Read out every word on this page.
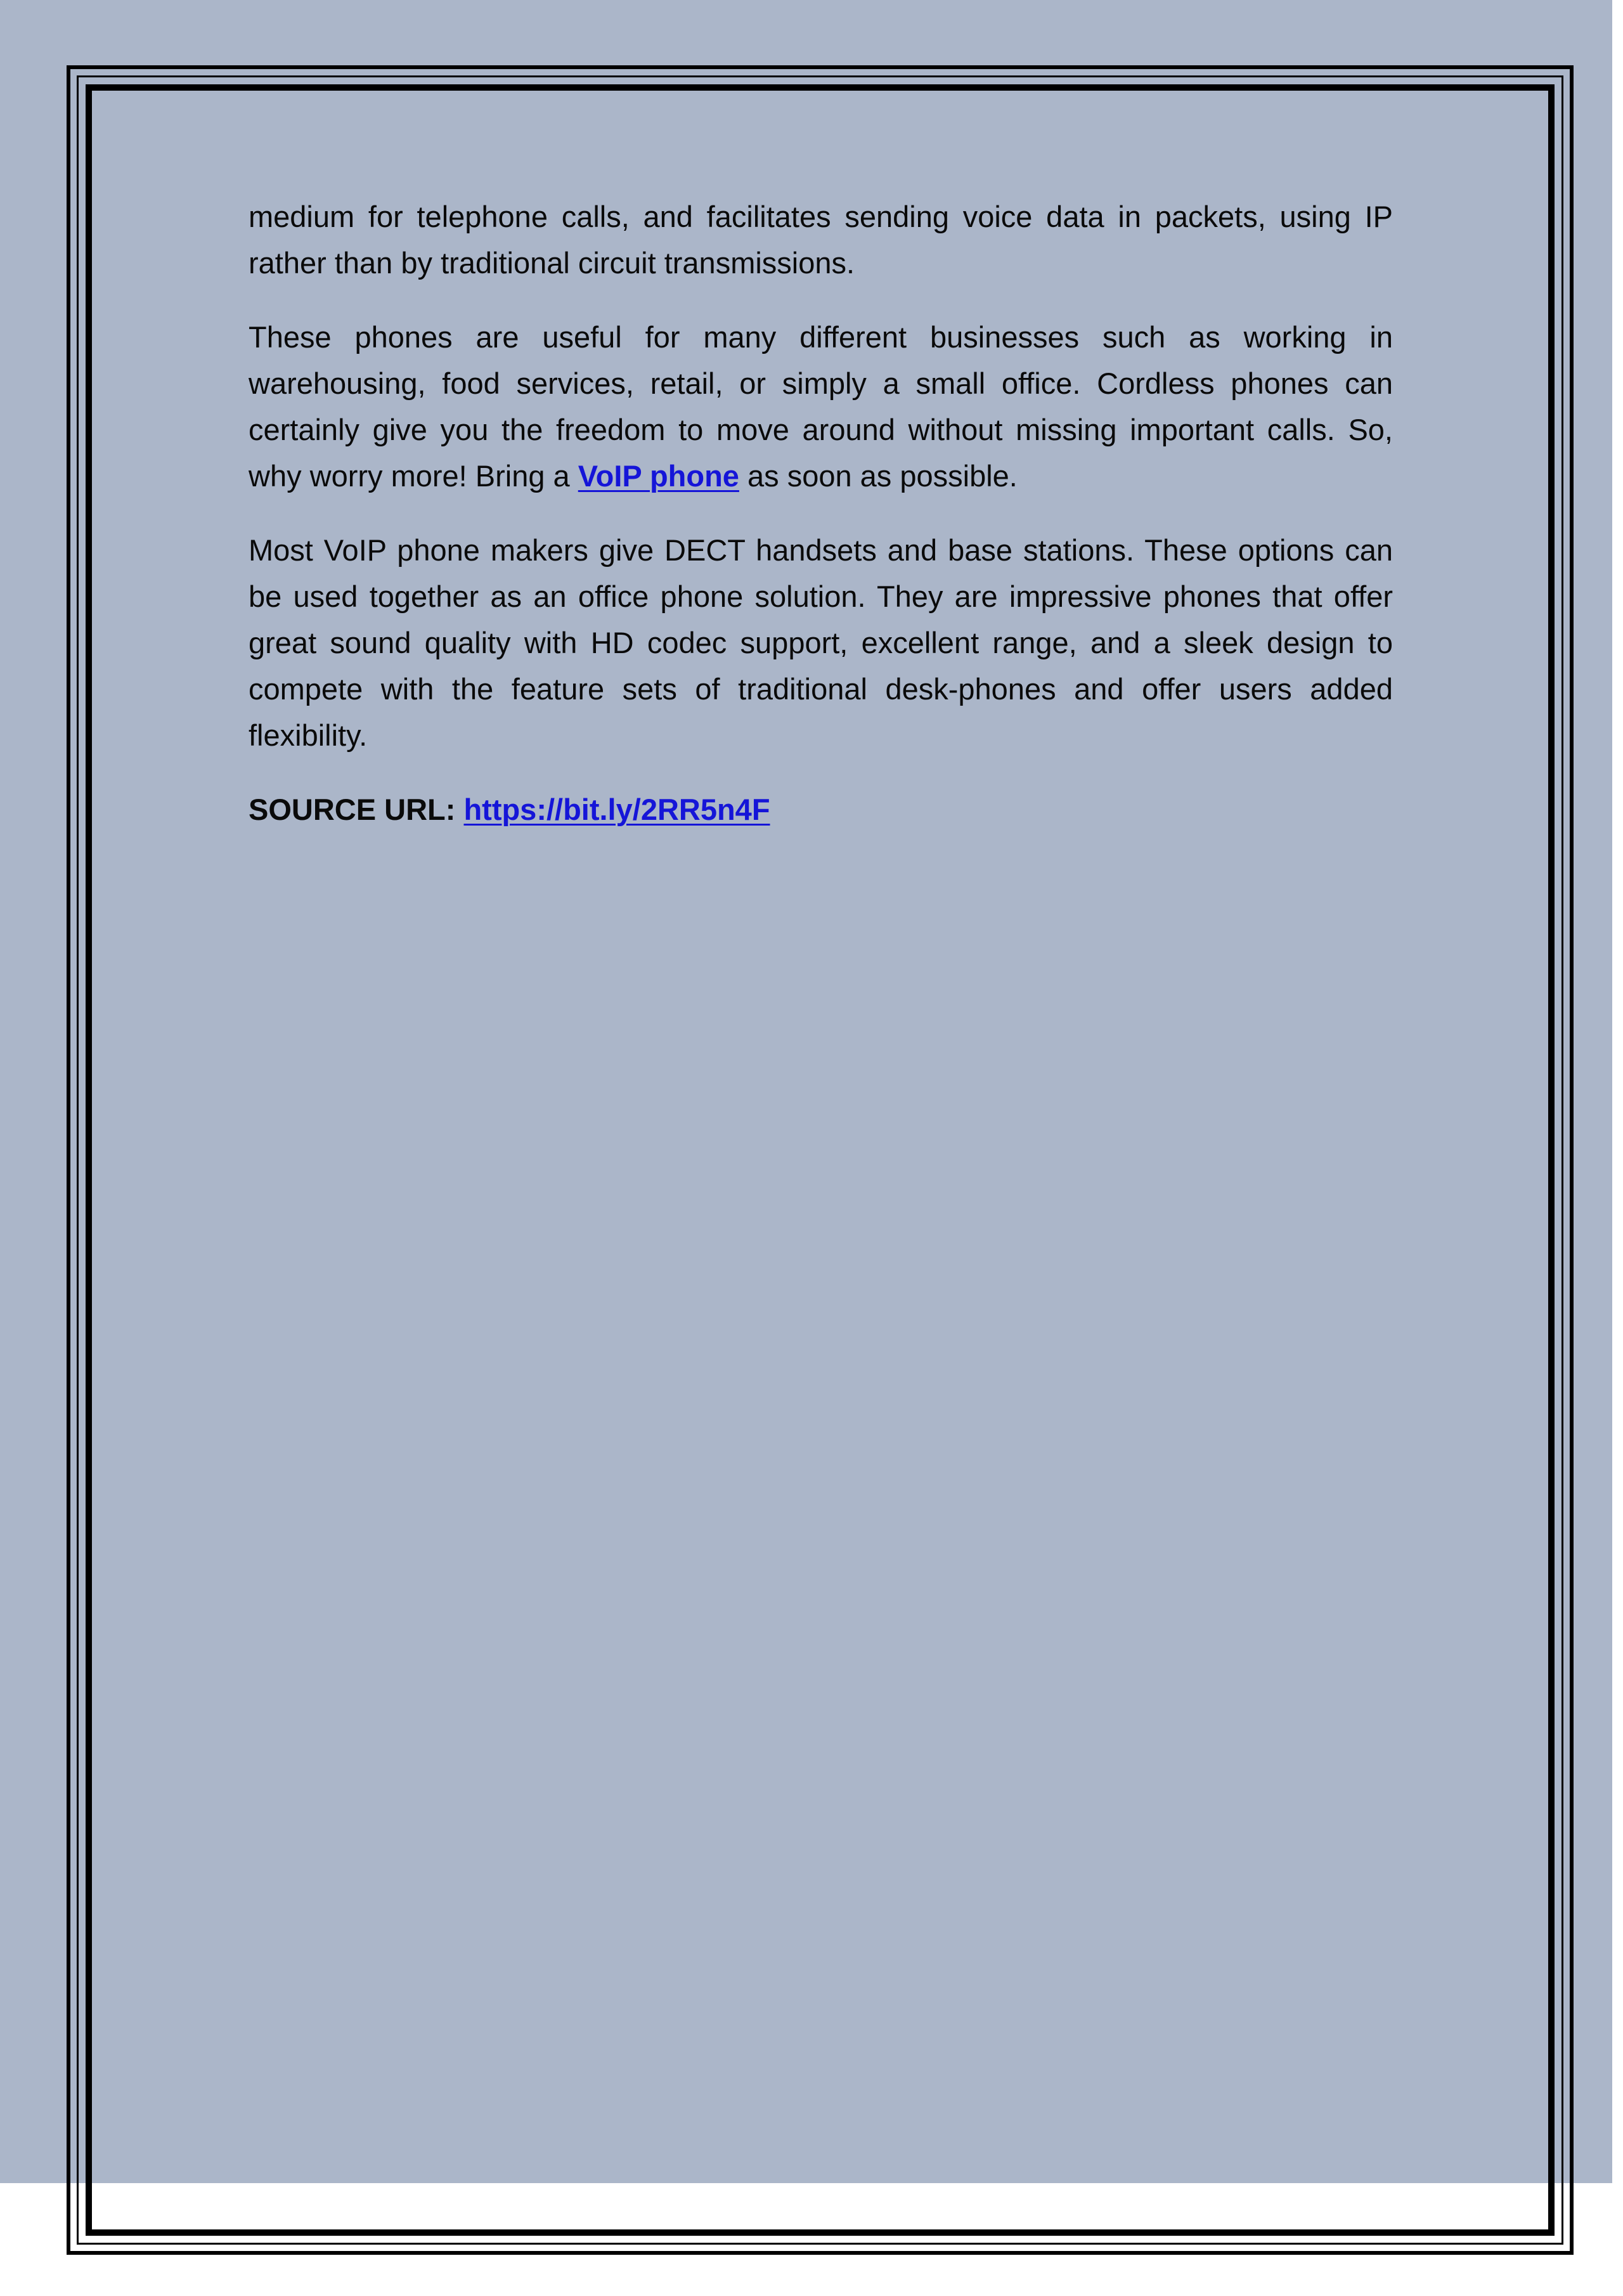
medium for telephone calls, and facilitates sending voice data in packets, using IP rather than by traditional circuit transmissions.

These phones are useful for many different businesses such as working in warehousing, food services, retail, or simply a small office. Cordless phones can certainly give you the freedom to move around without missing important calls. So, why worry more! Bring a VoIP phone as soon as possible.

Most VoIP phone makers give DECT handsets and base stations. These options can be used together as an office phone solution. They are impressive phones that offer great sound quality with HD codec support, excellent range, and a sleek design to compete with the feature sets of traditional desk-phones and offer users added flexibility.

SOURCE URL: https://bit.ly/2RR5n4F
